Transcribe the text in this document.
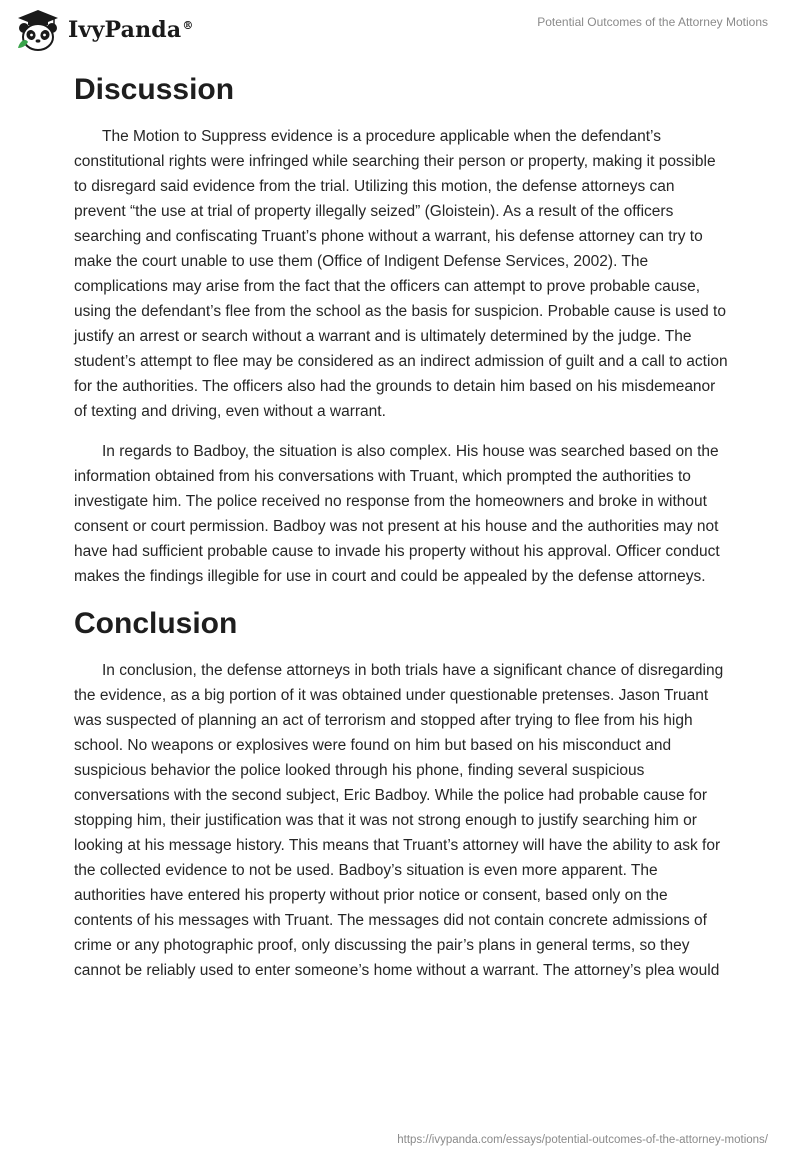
IvyPanda®	Potential Outcomes of the Attorney Motions
Discussion

The Motion to Suppress evidence is a procedure applicable when the defendant’s constitutional rights were infringed while searching their person or property, making it possible to disregard said evidence from the trial. Utilizing this motion, the defense attorneys can prevent “the use at trial of property illegally seized” (Gloistein). As a result of the officers searching and confiscating Truant’s phone without a warrant, his defense attorney can try to make the court unable to use them (Office of Indigent Defense Services, 2002). The complications may arise from the fact that the officers can attempt to prove probable cause, using the defendant’s flee from the school as the basis for suspicion. Probable cause is used to justify an arrest or search without a warrant and is ultimately determined by the judge. The student’s attempt to flee may be considered as an indirect admission of guilt and a call to action for the authorities. The officers also had the grounds to detain him based on his misdemeanor of texting and driving, even without a warrant.

In regards to Badboy, the situation is also complex. His house was searched based on the information obtained from his conversations with Truant, which prompted the authorities to investigate him. The police received no response from the homeowners and broke in without consent or court permission. Badboy was not present at his house and the authorities may not have had sufficient probable cause to invade his property without his approval. Officer conduct makes the findings illegible for use in court and could be appealed by the defense attorneys.

Conclusion

In conclusion, the defense attorneys in both trials have a significant chance of disregarding the evidence, as a big portion of it was obtained under questionable pretenses. Jason Truant was suspected of planning an act of terrorism and stopped after trying to flee from his high school. No weapons or explosives were found on him but based on his misconduct and suspicious behavior the police looked through his phone, finding several suspicious conversations with the second subject, Eric Badboy. While the police had probable cause for stopping him, their justification was that it was not strong enough to justify searching him or looking at his message history. This means that Truant’s attorney will have the ability to ask for the collected evidence to not be used. Badboy’s situation is even more apparent. The authorities have entered his property without prior notice or consent, based only on the contents of his messages with Truant. The messages did not contain concrete admissions of crime or any photographic proof, only discussing the pair’s plans in general terms, so they cannot be reliably used to enter someone’s home without a warrant. The attorney’s plea would

https://ivypanda.com/essays/potential-outcomes-of-the-attorney-motions/
